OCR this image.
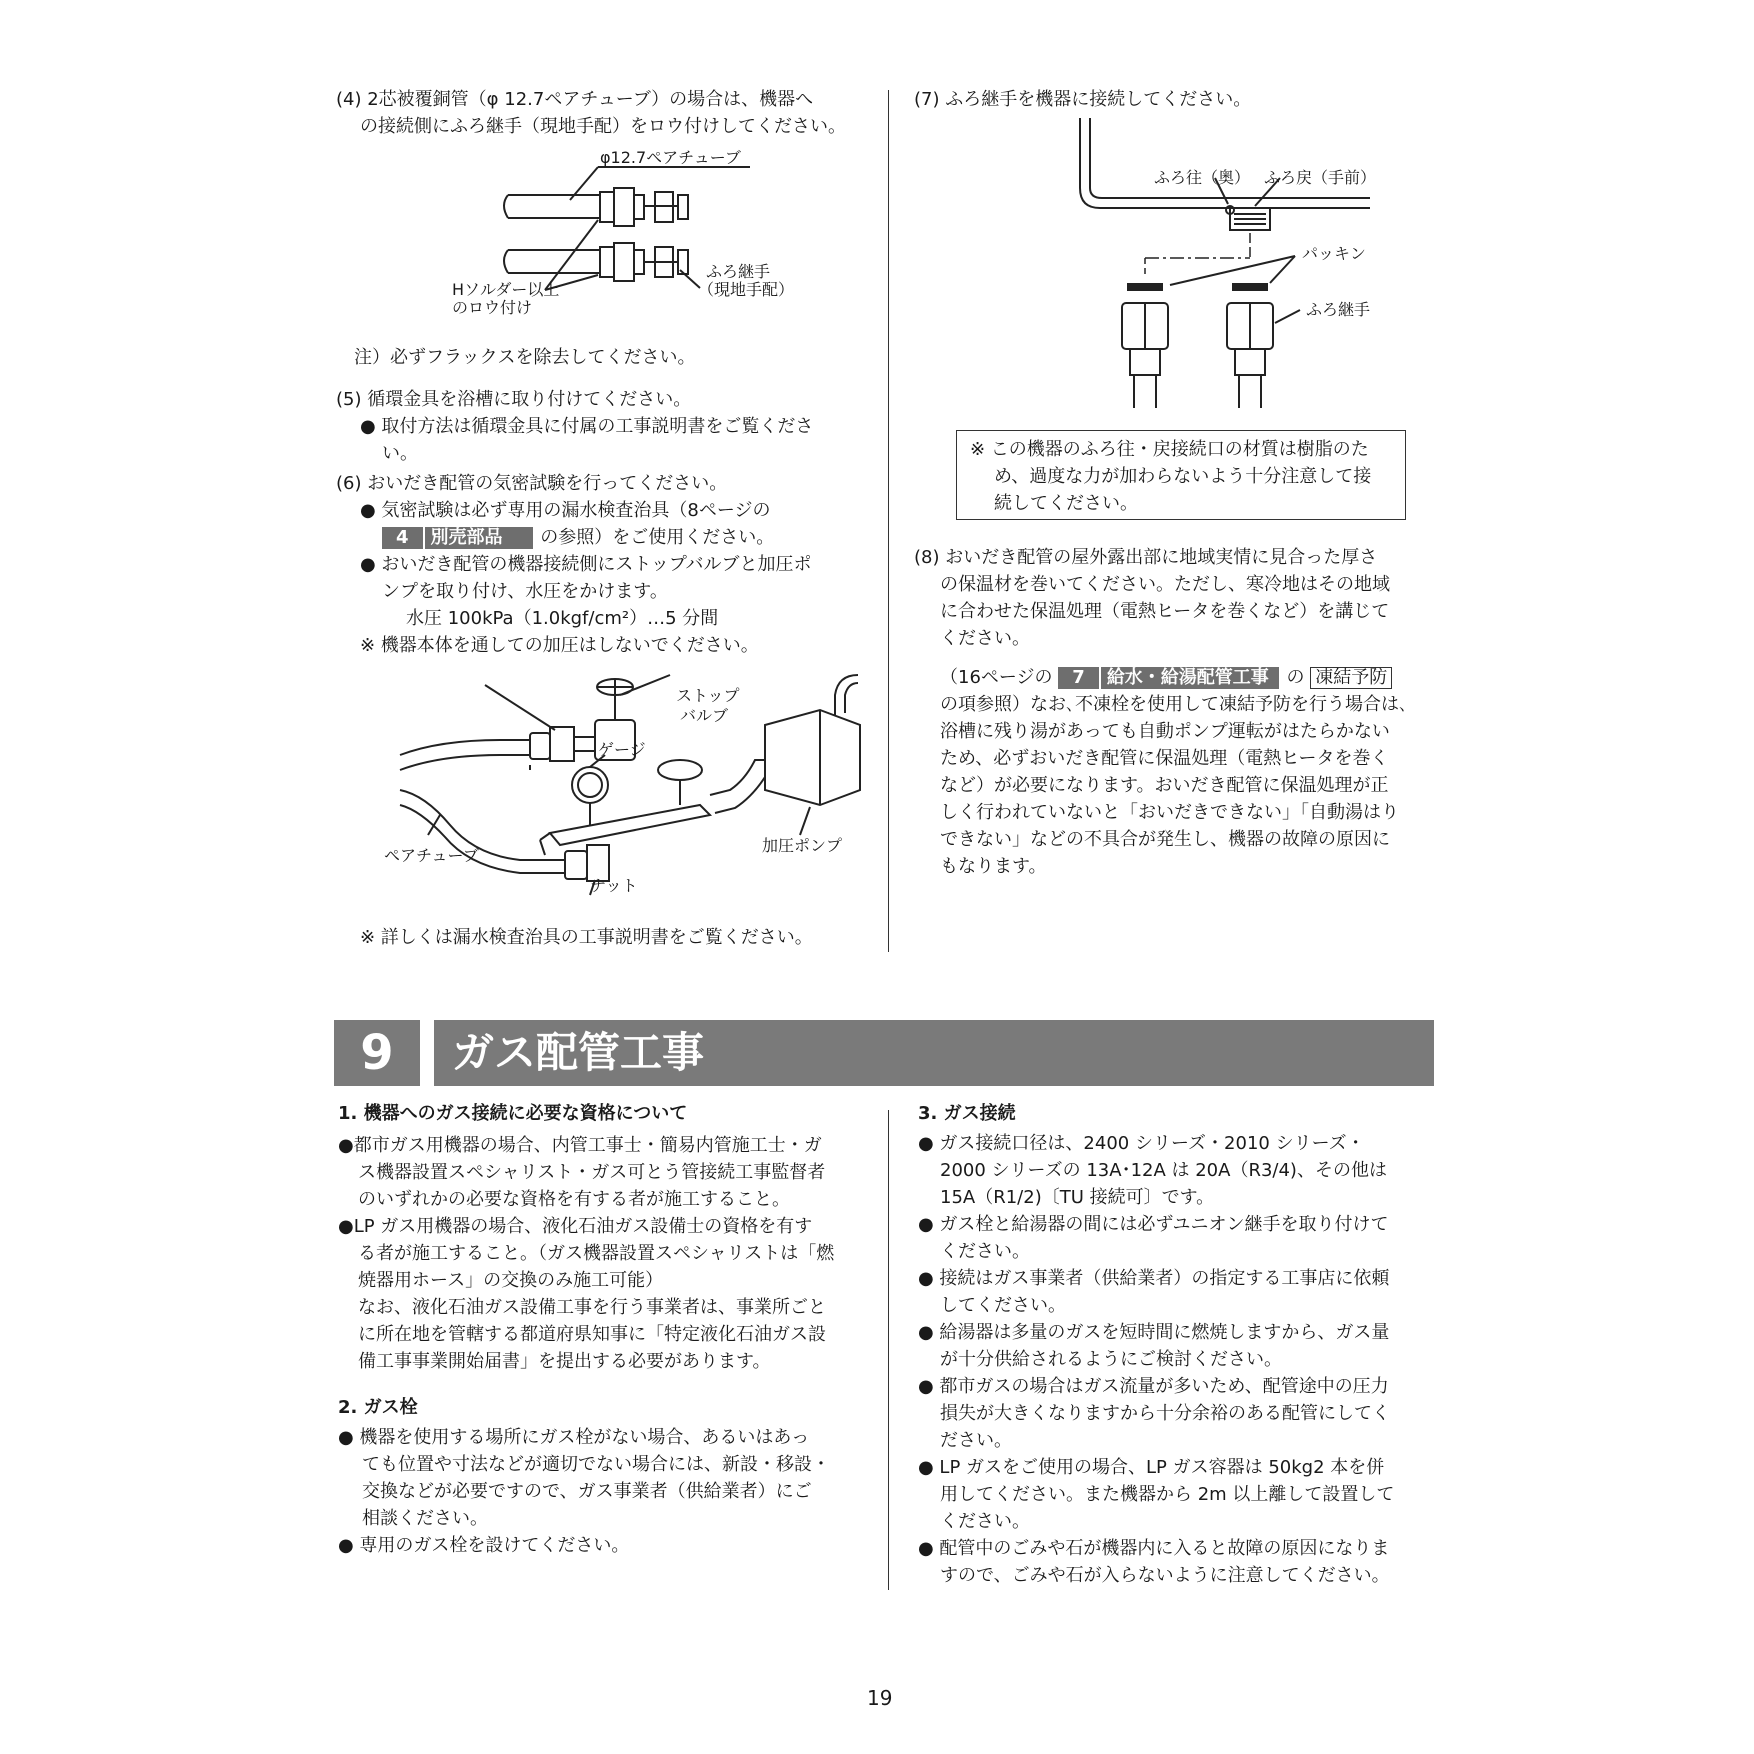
(4) 2芯被覆銅管（φ 12.7ペアチューブ）の場合は、機器へ
の接続側にふろ継手（現地手配）をロウ付けしてください。
φ12.7ペアチューブ
Hソルダー以上
のロウ付け
ふろ継手
（現地手配）
注）必ずフラックスを除去してください。
(5) 循環金具を浴槽に取り付けてください。
● 取付方法は循環金具に付属の工事説明書をご覧くださ
い。
(6) おいだき配管の気密試験を行ってください。
● 気密試験は必ず専用の漏水検査治具（8ページの
4 別売部品 の参照）をご使用ください。
● おいだき配管の機器接続側にストップバルブと加圧ポ
ンプを取り付け、水圧をかけます。
水圧 100kPa（1.0kgf/cm²）…5 分間
※ 機器本体を通しての加圧はしないでください。
ストップ
バルブ
ゲージ
ペアチューブ
加圧ポンプ
ナット
※ 詳しくは漏水検査治具の工事説明書をご覧ください。
(7) ふろ継手を機器に接続してください。
ふろ往（奥） ふろ戻（手前）
パッキン
ふろ継手
※ この機器のふろ往・戻接続口の材質は樹脂のた
め、過度な力が加わらないよう十分注意して接
続してください。
(8) おいだき配管の屋外露出部に地域実情に見合った厚さ
の保温材を巻いてください。ただし、寒冷地はその地域
に合わせた保温処理（電熱ヒータを巻くなど）を講じて
ください。
（16ページの 7 給水・給湯配管工事 の 凍結予防
の項参照）なお､不凍栓を使用して凍結予防を行う場合は､
浴槽に残り湯があっても自動ポンプ運転がはたらかない
ため、必ずおいだき配管に保温処理（電熱ヒータを巻く
など）が必要になります。おいだき配管に保温処理が正
しく行われていないと「おいだきできない」「自動湯はり
できない」などの不具合が発生し、機器の故障の原因に
もなります。
9	ガス配管工事
1. 機器へのガス接続に必要な資格について
●都市ガス用機器の場合、内管工事士・簡易内管施工士・ガ
ス機器設置スペシャリスト・ガス可とう管接続工事監督者
のいずれかの必要な資格を有する者が施工すること。
●LP ガス用機器の場合、液化石油ガス設備士の資格を有す
る者が施工すること。（ガス機器設置スペシャリストは「燃
焼器用ホース」の交換のみ施工可能）
なお、液化石油ガス設備工事を行う事業者は、事業所ごと
に所在地を管轄する都道府県知事に「特定液化石油ガス設
備工事事業開始届書」を提出する必要があります。
2. ガス栓
● 機器を使用する場所にガス栓がない場合、あるいはあっ
ても位置や寸法などが適切でない場合には、新設・移設・
交換などが必要ですので、ガス事業者（供給業者）にご
相談ください。
● 専用のガス栓を設けてください。
3. ガス接続
● ガス接続口径は、2400 シリーズ・2010 シリーズ・
2000 シリーズの 13A･12A は 20A（R3/4)、その他は
15A（R1/2)〔TU 接続可〕です。
● ガス栓と給湯器の間には必ずユニオン継手を取り付けて
ください。
● 接続はガス事業者（供給業者）の指定する工事店に依頼
してください。
● 給湯器は多量のガスを短時間に燃焼しますから、ガス量
が十分供給されるようにご検討ください。
● 都市ガスの場合はガス流量が多いため、配管途中の圧力
損失が大きくなりますから十分余裕のある配管にしてく
ださい。
● LP ガスをご使用の場合、LP ガス容器は 50kg2 本を併
用してください。また機器から 2m 以上離して設置して
ください。
● 配管中のごみや石が機器内に入ると故障の原因になりま
すので、ごみや石が入らないように注意してください。
19
